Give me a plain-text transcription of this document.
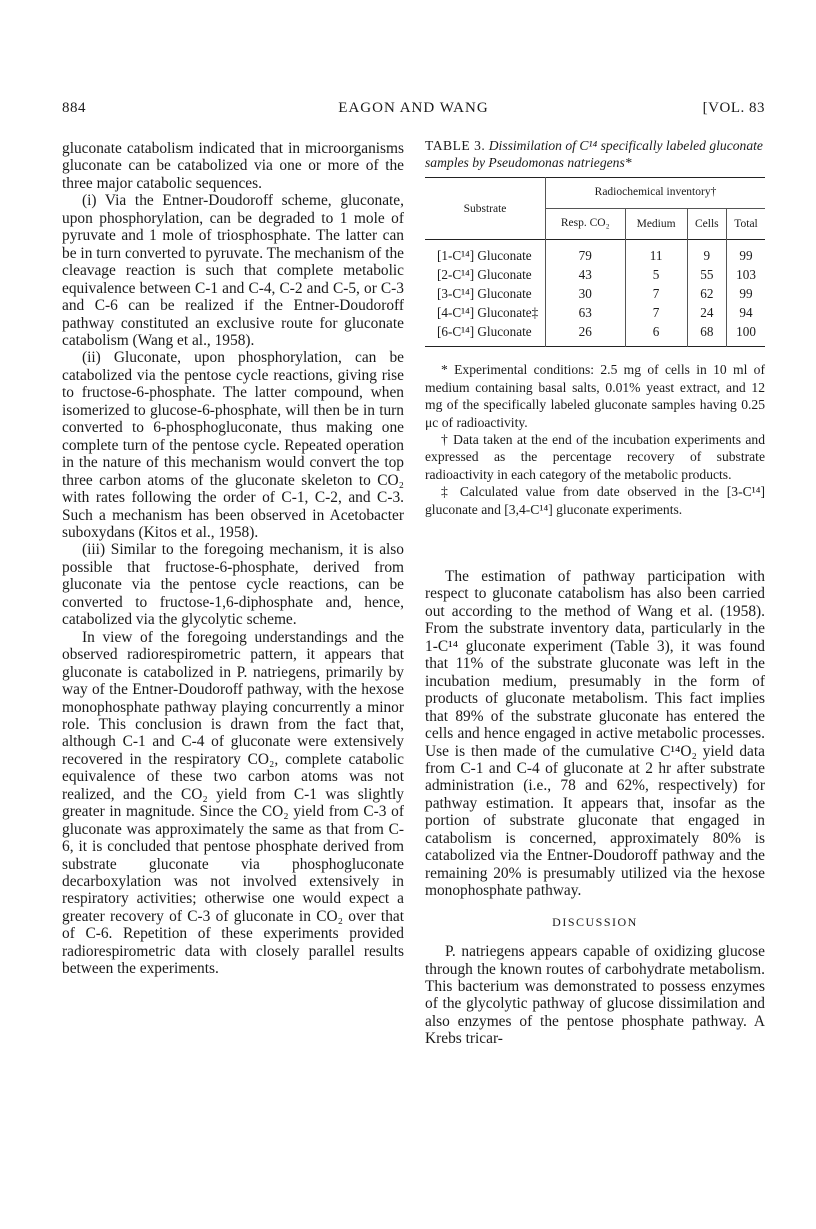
884	EAGON AND WANG	[VOL. 83

gluconate catabolism indicated that in microorganisms gluconate can be catabolized via one or more of the three major catabolic sequences.

(i) Via the Entner-Doudoroff scheme, gluconate, upon phosphorylation, can be degraded to 1 mole of pyruvate and 1 mole of triosphosphate. The latter can be in turn converted to pyruvate. The mechanism of the cleavage reaction is such that complete metabolic equivalence between C-1 and C-4, C-2 and C-5, or C-3 and C-6 can be realized if the Entner-Doudoroff pathway constituted an exclusive route for gluconate catabolism (Wang et al., 1958).

(ii) Gluconate, upon phosphorylation, can be catabolized via the pentose cycle reactions, giving rise to fructose-6-phosphate. The latter compound, when isomerized to glucose-6-phosphate, will then be in turn converted to 6-phosphogluconate, thus making one complete turn of the pentose cycle. Repeated operation in the nature of this mechanism would convert the top three carbon atoms of the gluconate skeleton to CO₂ with rates following the order of C-1, C-2, and C-3. Such a mechanism has been observed in Acetobacter suboxydans (Kitos et al., 1958).

(iii) Similar to the foregoing mechanism, it is also possible that fructose-6-phosphate, derived from gluconate via the pentose cycle reactions, can be converted to fructose-1,6-diphosphate and, hence, catabolized via the glycolytic scheme.

In view of the foregoing understandings and the observed radiorespirometric pattern, it appears that gluconate is catabolized in P. natriegens, primarily by way of the Entner-Doudoroff pathway, with the hexose monophosphate pathway playing concurrently a minor role. This conclusion is drawn from the fact that, although C-1 and C-4 of gluconate were extensively recovered in the respiratory CO₂, complete catabolic equivalence of these two carbon atoms was not realized, and the CO₂ yield from C-1 was slightly greater in magnitude. Since the CO₂ yield from C-3 of gluconate was approximately the same as that from C-6, it is concluded that pentose phosphate derived from substrate gluconate via phosphogluconate decarboxylation was not involved extensively in respiratory activities; otherwise one would expect a greater recovery of C-3 of gluconate in CO₂ over that of C-6. Repetition of these experiments provided radiorespirometric data with closely parallel results between the experiments.

TABLE 3. Dissimilation of C¹⁴ specifically labeled gluconate samples by Pseudomonas natriegens*
Substrate	Radiochemical inventory†			
	Resp. CO₂	Medium	Cells	Total
[1-C¹⁴] Gluconate	79	11	9	99
[2-C¹⁴] Gluconate	43	5	55	103
[3-C¹⁴] Gluconate	30	7	62	99
[4-C¹⁴] Gluconate‡	63	7	24	94
[6-C¹⁴] Gluconate	26	6	68	100

* Experimental conditions: 2.5 mg of cells in 10 ml of medium containing basal salts, 0.01% yeast extract, and 12 mg of the specifically labeled gluconate samples having 0.25 μc of radioactivity.

† Data taken at the end of the incubation experiments and expressed as the percentage recovery of substrate radioactivity in each category of the metabolic products.

‡ Calculated value from date observed in the [3-C¹⁴] gluconate and [3,4-C¹⁴] gluconate experiments.

The estimation of pathway participation with respect to gluconate catabolism has also been carried out according to the method of Wang et al. (1958). From the substrate inventory data, particularly in the 1-C¹⁴ gluconate experiment (Table 3), it was found that 11% of the substrate gluconate was left in the incubation medium, presumably in the form of products of gluconate metabolism. This fact implies that 89% of the substrate gluconate has entered the cells and hence engaged in active metabolic processes. Use is then made of the cumulative C¹⁴O₂ yield data from C-1 and C-4 of gluconate at 2 hr after substrate administration (i.e., 78 and 62%, respectively) for pathway estimation. It appears that, insofar as the portion of substrate gluconate that engaged in catabolism is concerned, approximately 80% is catabolized via the Entner-Doudoroff pathway and the remaining 20% is presumably utilized via the hexose monophosphate pathway.

DISCUSSION

P. natriegens appears capable of oxidizing glucose through the known routes of carbohydrate metabolism. This bacterium was demonstrated to possess enzymes of the glycolytic pathway of glucose dissimilation and also enzymes of the pentose phosphate pathway. A Krebs tricar-
